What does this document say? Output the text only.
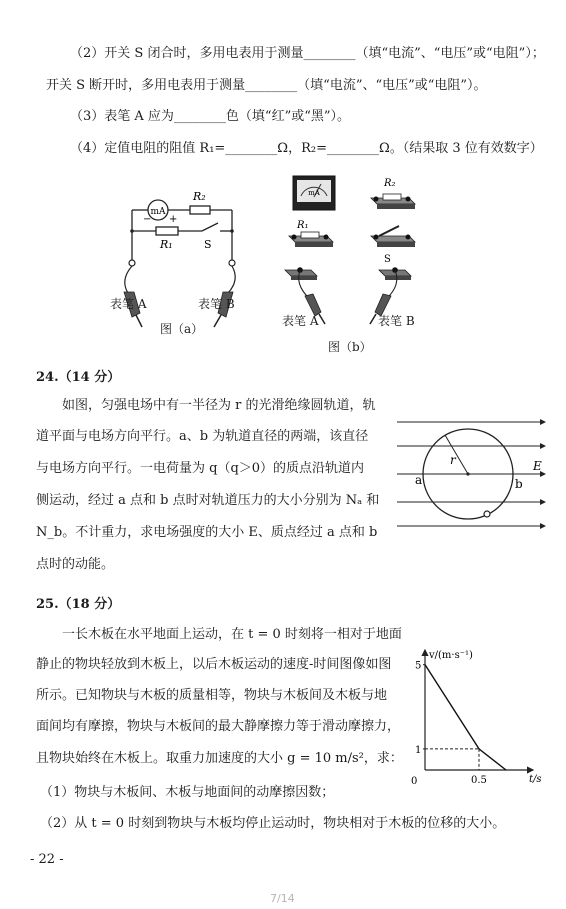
（2）开关 S 闭合时，多用电表用于测量________（填“电流”、“电压”或“电阻”）；
开关 S 断开时，多用电表用于测量________（填“电流”、“电压”或“电阻”）。
（3）表笔 A 应为________色（填“红”或“黑”）。
（4）定值电阻的阻值 R₁=________Ω，R₂=________Ω。（结果取 3 位有效数字）
mA
− +
R₂
R₁	S
表笔 A	表笔 B
图（a）
mA
R₂
R₁
S
表笔 A	表笔 B
图（b）
24.（14 分）
如图，匀强电场中有一半径为 r 的光滑绝缘圆轨道，轨
道平面与电场方向平行。a、b 为轨道直径的两端，该直径
与电场方向平行。一电荷量为 q（q＞0）的质点沿轨道内
侧运动，经过 a 点和 b 点时对轨道压力的大小分别为 Nₐ 和
N_b。不计重力，求电场强度的大小 E、质点经过 a 点和 b
点时的动能。
r	E
a	b
25.（18 分）
一长木板在水平地面上运动，在 t = 0 时刻将一相对于地面
静止的物块轻放到木板上，以后木板运动的速度-时间图像如图
所示。已知物块与木板的质量相等，物块与木板间及木板与地
面间均有摩擦，物块与木板间的最大静摩擦力等于滑动摩擦力，
且物块始终在木板上。取重力加速度的大小 g = 10 m/s²，求：
（1）物块与木板间、木板与地面间的动摩擦因数；
（2）从 t = 0 时刻到物块与木板均停止运动时，物块相对于木板的位移的大小。
v/(m·s⁻¹)
t/s
0
1
5
0.5
- 22 -
7/14
